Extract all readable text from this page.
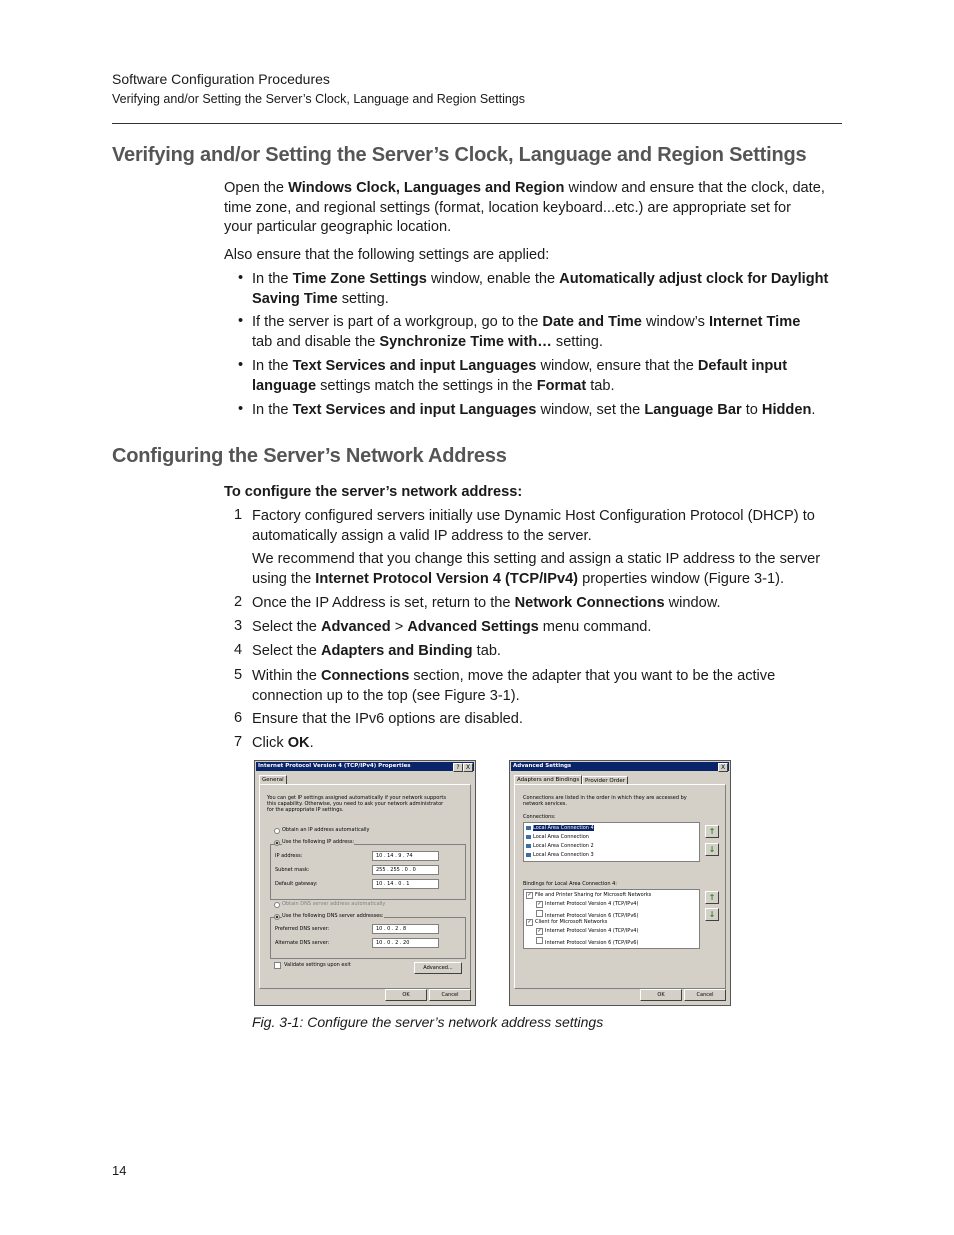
Software Configuration Procedures
Verifying and/or Setting the Server’s Clock, Language and Region Settings
Verifying and/or Setting the Server’s Clock, Language and Region Settings
Open the Windows Clock, Languages and Region window and ensure that the clock, date,
time zone, and regional settings (format, location keyboard...etc.) are appropriate set for
your particular geographic location.
Also ensure that the following settings are applied:
• In the Time Zone Settings window, enable the Automatically adjust clock for Daylight
Saving Time setting.
• If the server is part of a workgroup, go to the Date and Time window’s Internet Time
tab and disable the Synchronize Time with… setting.
• In the Text Services and input Languages window, ensure that the Default input
language settings match the settings in the Format tab.
• In the Text Services and input Languages window, set the Language Bar to Hidden.
Configuring the Server’s Network Address
To configure the server’s network address:
1 Factory configured servers initially use Dynamic Host Configuration Protocol (DHCP) to
automatically assign a valid IP address to the server.
We recommend that you change this setting and assign a static IP address to the server
using the Internet Protocol Version 4 (TCP/IPv4) properties window (Figure 3-1).
2 Once the IP Address is set, return to the Network Connections window.
3 Select the Advanced > Advanced Settings menu command.
4 Select the Adapters and Binding tab.
5 Within the Connections section, move the adapter that you want to be the active
connection up to the top (see Figure 3-1).
6 Ensure that the IPv6 options are disabled.
7 Click OK.
Internet Protocol Version 4 (TCP/IPv4) Properties	?	X
General
You can get IP settings assigned automatically if your network supports
this capability. Otherwise, you need to ask your network administrator
for the appropriate IP settings.
Obtain an IP address automatically
Use the following IP address:
IP address:	10 . 14 . 9 . 74
Subnet mask:	255 . 255 . 0 . 0
Default gateway:	10 . 14 . 0 . 1
Obtain DNS server address automatically
Use the following DNS server addresses:
Preferred DNS server:	10 . 0 . 2 . 8
Alternate DNS server:	10 . 0 . 2 . 20
Validate settings upon exit	Advanced...
OK	Cancel
Advanced Settings	X
Adapters and Bindings	Provider Order
Connections are listed in the order in which they are accessed by
network services.
Connections:
Local Area Connection 4
Local Area Connection
Local Area Connection 2
Local Area Connection 3
↑
↓
Bindings for Local Area Connection 4:
✓ File and Printer Sharing for Microsoft Networks
✓ Internet Protocol Version 4 (TCP/IPv4)
Internet Protocol Version 6 (TCP/IPv6)
✓ Client for Microsoft Networks
✓ Internet Protocol Version 4 (TCP/IPv4)
Internet Protocol Version 6 (TCP/IPv6)
↑
↓
OK	Cancel
Fig. 3-1: Configure the server’s network address settings
14
